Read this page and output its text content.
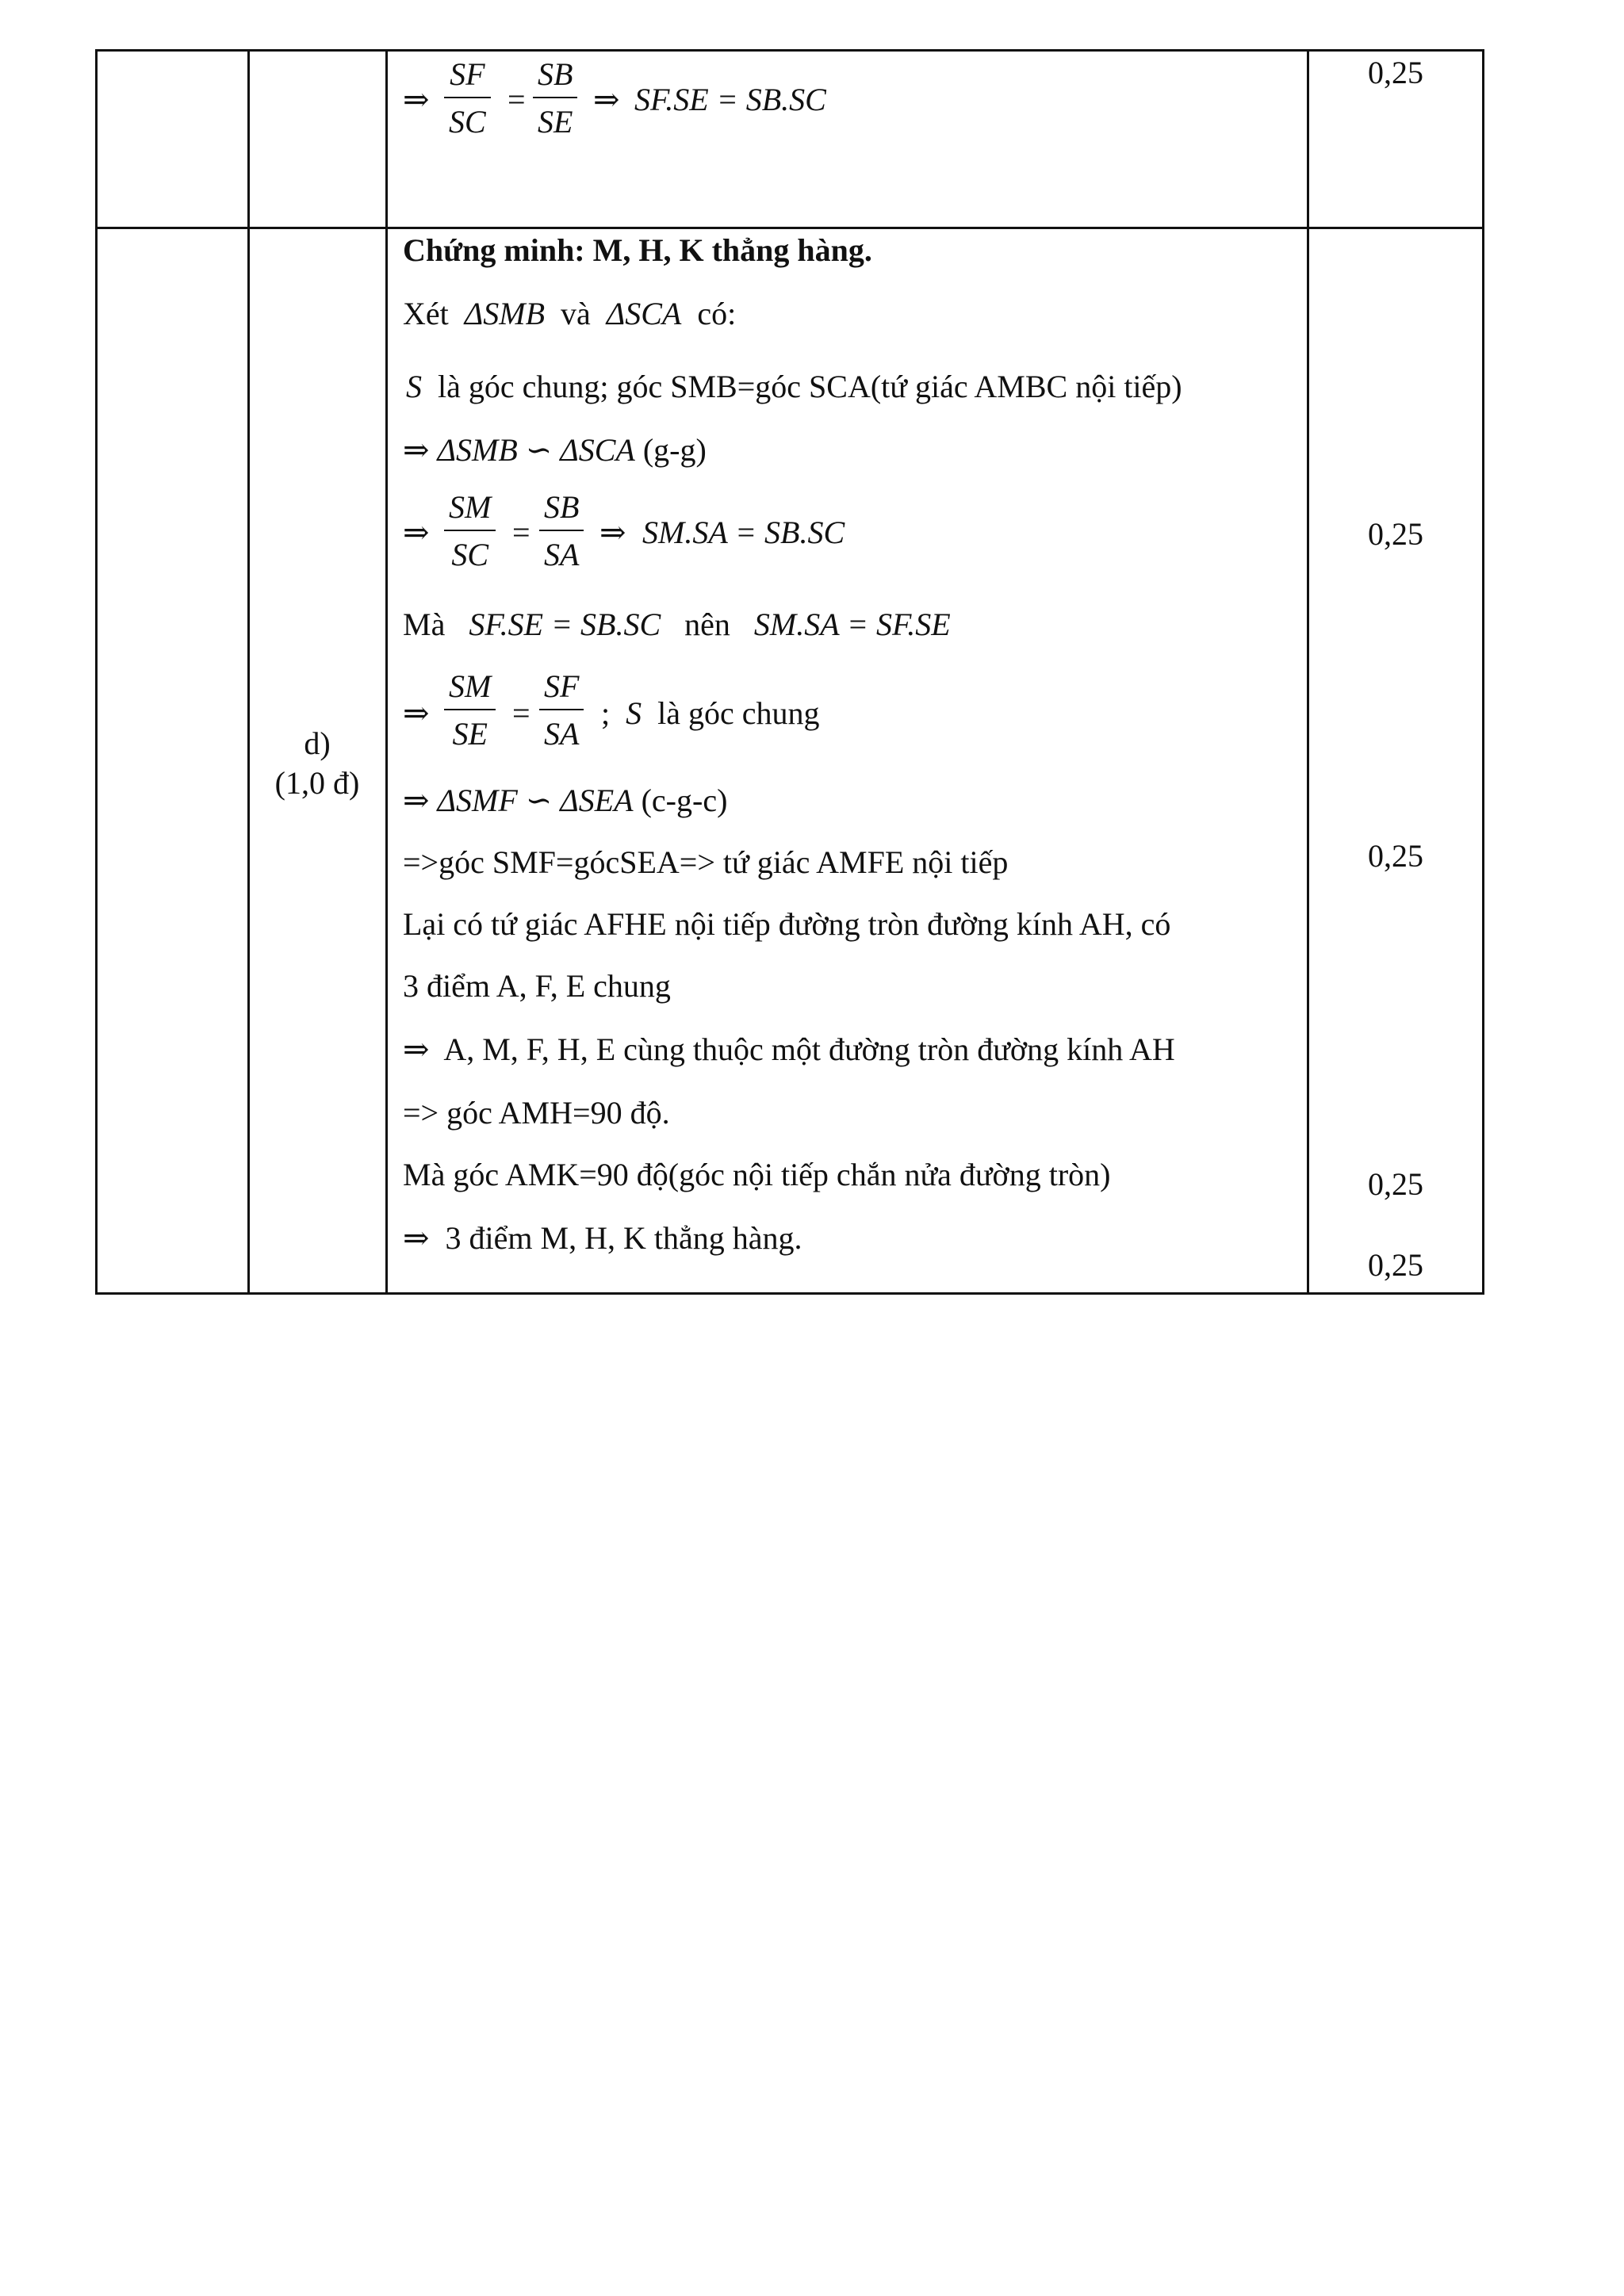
⇒
SF
SC
=
SB
SE
⇒ SF.SE = SB.SC
0,25
d)
(1,0 đ)
Chứng minh: M, H, K thẳng hàng.
Xét ΔSMB và ΔSCA có:
S là góc chung; góc SMB=góc SCA(tứ giác AMBC nội tiếp)
⇒ ΔSMB ∽ ΔSCA (g-g)
⇒
SM
SC
=
SB
SA
⇒ SM.SA = SB.SC
Mà SF.SE = SB.SC nên SM.SA = SF.SE
⇒
SM
SE
=
SF
SA
; S là góc chung
⇒ ΔSMF ∽ ΔSEA (c-g-c)
=>góc SMF=gócSEA=> tứ giác AMFE nội tiếp
Lại có tứ giác AFHE nội tiếp đường tròn đường kính AH, có
3 điểm A, F, E chung
⇒ A, M, F, H, E cùng thuộc một đường tròn đường kính AH
=> góc AMH=90 độ.
Mà góc AMK=90 độ(góc nội tiếp chắn nửa đường tròn)
⇒ 3 điểm M, H, K thẳng hàng.
0,25
0,25
0,25
0,25
